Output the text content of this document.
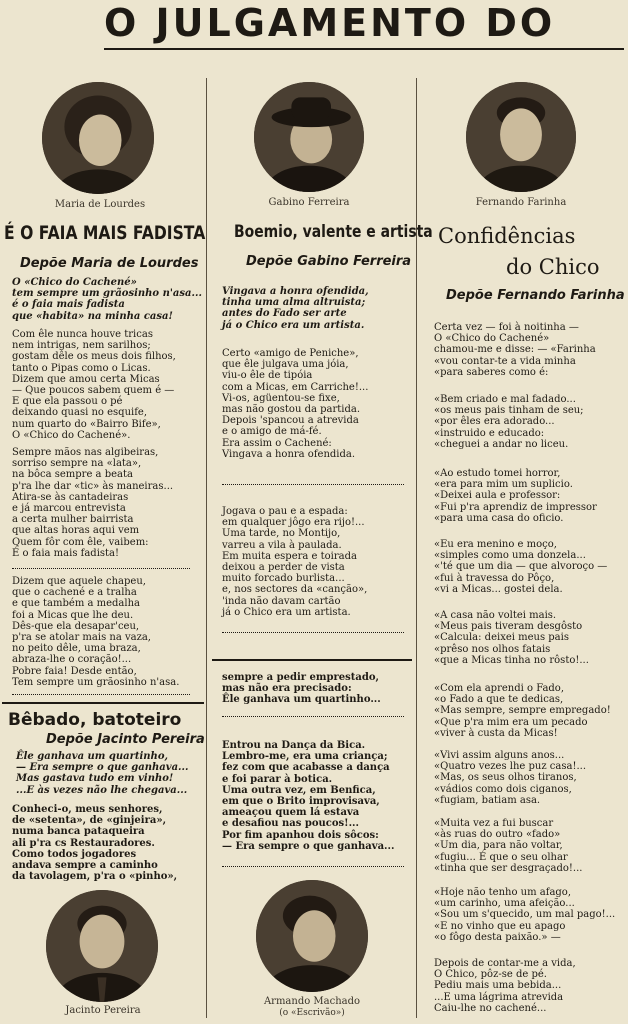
O JULGAMENTO DO
Maria de Lourdes
É O FAIA MAIS FADISTA
Depõe Maria de Lourdes
O «Chico do Cachené»
tem sempre um grãosinho n'asa...
é o faia mais fadista
que «habita» na minha casa!
Com êle nunca houve tricas
nem intrigas, nem sarilhos;
gostam dêle os meus dois filhos,
tanto o Pipas como o Licas.
Dizem que amou certa Micas
— Que poucos sabem quem é —
E que ela passou o pé
deixando quasi no esquife,
num quarto do «Bairro Bife»,
O «Chico do Cachené».
Sempre mãos nas algibeiras,
sorriso sempre na «lata»,
na bôca sempre a beata
p'ra lhe dar «tic» às maneiras...
Atira-se às cantadeiras
e já marcou entrevista
a certa mulher bairrista
que altas horas aqui vem
Quem fôr com êle, vaibem:
É o faia mais fadista!
Dizem que aquele chapeu,
que o cachené e a tralha
e que também a medalha
foi a Micas que lhe deu.
Dês-que ela desapar'ceu,
p'ra se atolar mais na vaza,
no peito dêle, uma braza,
abraza-lhe o coração!...
Pobre faia! Desde então,
Tem sempre um grãosinho n'asa.
Bêbado, batoteiro
Depõe Jacinto Pereira
Êle ganhava um quartinho,
— Era sempre o que ganhava...
Mas gastava tudo em vinho!
...E às vezes não lhe chegava...
Conheci-o, meus senhores,
de «setenta», de «ginjeira»,
numa banca pataqueira
ali p'ra cs Restauradores.
Como todos jogadores
andava sempre a caminho
da tavolagem, p'ra o «pinho»,
Jacinto Pereira
Gabino Ferreira
Boemio, valente e artista
Depõe Gabino Ferreira
Vingava a honra ofendida,
tinha uma alma altruista;
antes do Fado ser arte
já o Chico era um artista.
Certo «amigo de Peniche»,
que êle julgava uma jóia,
viu-o êle de tipóia
com a Micas, em Carriche!...
Vi-os, agüentou-se fixe,
mas não gostou da partida.
Depois 'spancou a atrevida
e o amigo de má-fé.
Era assim o Cachené:
Vingava a honra ofendida.
Jogava o pau e a espada:
em qualquer jôgo era rijo!...
Uma tarde, no Montijo,
varreu a vila à paulada.
Em muita espera e toirada
deixou a perder de vista
muito forcado burlista...
e, nos sectores da «canção»,
'inda não davam cartão
já o Chico era um artista.
sempre a pedir emprestado,
mas não era precisado:
Êle ganhava um quartinho...
Entrou na Dança da Bica.
Lembro-me, era uma criança;
fez com que acabasse a dança
e foi parar à botica.
Uma outra vez, em Benfica,
em que o Brito improvisava,
ameaçou quem lá estava
e desafiou nas poucos!...
Por fim apanhou dois sôcos:
— Era sempre o que ganhava...
Armando Machado
(o «Escrivão»)
Fernando Farinha
Confidências
do Chico
Depõe Fernando Farinha
Certa vez — foi à noitinha —
O «Chico do Cachené»
chamou-me e disse: — «Farinha
«vou contar-te a vida minha
«para saberes como é:
«Bem criado e mal fadado...
«os meus pais tinham de seu;
«por êles era adorado...
«instruido e educado:
«cheguei a andar no liceu.
«Ao estudo tomei horror,
«era para mim um suplicio.
«Deixei aula e professor:
«Fui p'ra aprendiz de impressor
«para uma casa do oficio.
«Eu era menino e moço,
«simples como uma donzela...
«'té que um dia — que alvoroço —
«fui à travessa do Pôço,
«vi a Micas... gostei dela.
«A casa não voltei mais.
«Meus pais tiveram desgôsto
«Calcula: deixei meus pais
«prêso nos olhos fatais
«que a Micas tinha no rôsto!...
«Com ela aprendi o Fado,
«o Fado a que te dedicas,
«Mas sempre, sempre empregado!
«Que p'ra mim era um pecado
«viver à custa da Micas!
«Vivi assim alguns anos...
«Quatro vezes lhe puz casa!...
«Mas, os seus olhos tiranos,
«vádios como dois ciganos,
«fugiam, batiam asa.
«Muita vez a fui buscar
«às ruas do outro «fado»
«Um dia, para não voltar,
«fugiu... É que o seu olhar
«tinha que ser desgraçado!...
«Hoje não tenho um afago,
«um carinho, uma afeição...
«Sou um s'quecido, um mal pago!...
«E no vinho que eu apago
«o fôgo desta paixão.» —
Depois de contar-me a vida,
O Chico, pôz-se de pé.
Pediu mais uma bebida...
...E uma lágrima atrevida
Caiu-lhe no cachené...
